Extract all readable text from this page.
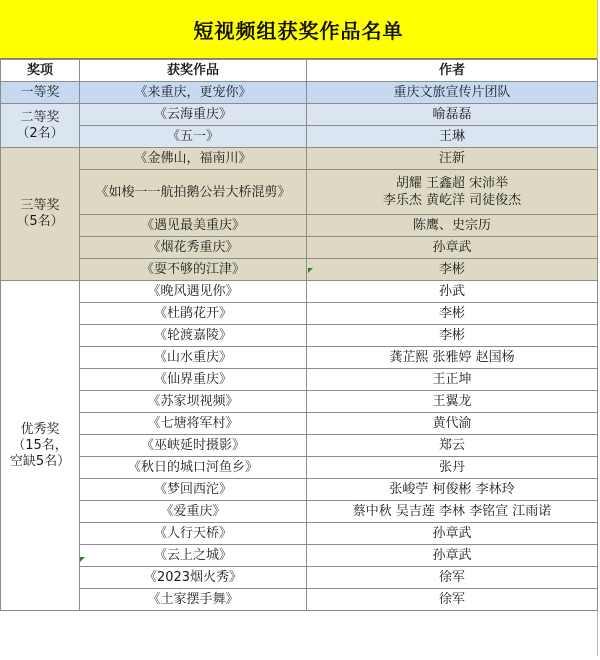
短视频组获奖作品名单
奖项	获奖作品	作者
一等奖	《来重庆，更宠你》	重庆文旅宣传片团队

二等奖
（2名）	《云海重庆》	喻磊磊
	《五一》	王琳

三等奖
（5名）	《金佛山，福南川》	汪新
	《如梭一一航拍鹅公岩大桥混剪》	胡耀 王鑫超 宋沛举
李乐杰 黄屹洋 司徒俊杰

	《遇见最美重庆》	陈鹰、史宗历
	《烟花秀重庆》	孙章武
	《耍不够的江津》	李彬

优秀奖
（15名，
空缺5名）	《晚风遇见你》	孙武
	《杜鹃花开》	李彬
	《轮渡嘉陵》	李彬
	《山水重庆》	龚芷熙 张雅婷 赵国杨
	《仙界重庆》	王正坤
	《苏家坝视频》	王翼龙
	《七塘将军村》	黄代渝
	《巫峡延时摄影》	郑云
	《秋日的城口河鱼乡》	张丹
	《梦回西沱》	张峻苧 柯俊彬 李林玲
	《爱重庆》	蔡中秋 吴吉莲 李林 李铭宣 江雨诺
	《人行天桥》	孙章武
	《云上之城》	孙章武
	《2023烟火秀》	徐军
	《土家摆手舞》	徐军
